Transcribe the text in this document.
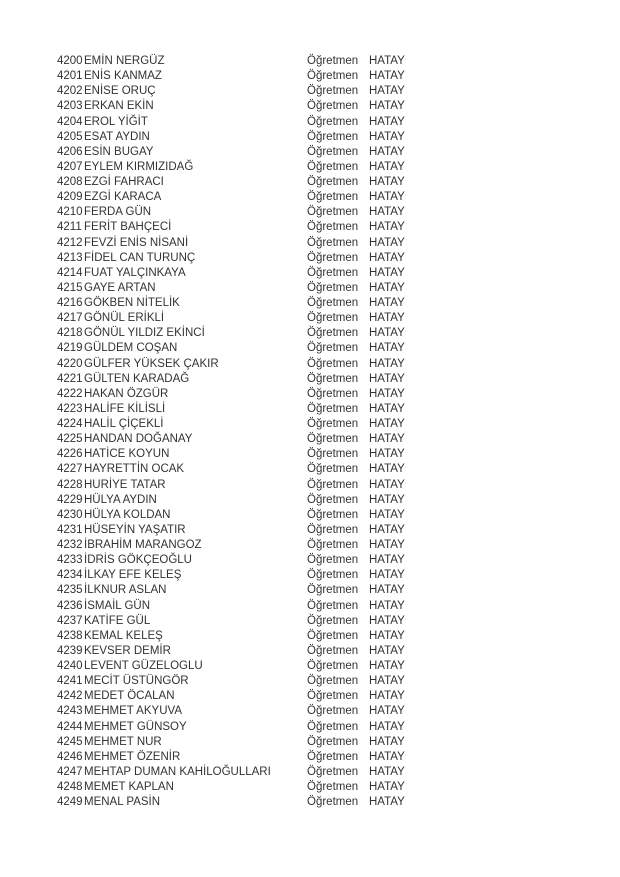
4200 EMİN NERGÜZ	Öğretmen HATAY
4201 ENİS KANMAZ	Öğretmen HATAY
4202 ENİSE ORUÇ	Öğretmen HATAY
4203 ERKAN EKİN	Öğretmen HATAY
4204 EROL YİĞİT	Öğretmen HATAY
4205 ESAT AYDIN	Öğretmen HATAY
4206 ESİN BUGAY	Öğretmen HATAY
4207 EYLEM KIRMIZIDAĞ	Öğretmen HATAY
4208 EZGİ FAHRACI	Öğretmen HATAY
4209 EZGİ KARACA	Öğretmen HATAY
4210 FERDA GÜN	Öğretmen HATAY
4211 FERİT BAHÇECİ	Öğretmen HATAY
4212 FEVZİ ENİS NİSANİ	Öğretmen HATAY
4213 FİDEL CAN TURUNÇ	Öğretmen HATAY
4214 FUAT YALÇINKAYA	Öğretmen HATAY
4215 GAYE ARTAN	Öğretmen HATAY
4216 GÖKBEN NİTELİK	Öğretmen HATAY
4217 GÖNÜL ERİKLİ	Öğretmen HATAY
4218 GÖNÜL YILDIZ EKİNCİ	Öğretmen HATAY
4219 GÜLDEM COŞAN	Öğretmen HATAY
4220 GÜLFER YÜKSEK ÇAKIR	Öğretmen HATAY
4221 GÜLTEN KARADAĞ	Öğretmen HATAY
4222 HAKAN ÖZGÜR	Öğretmen HATAY
4223 HALİFE KİLİSLİ	Öğretmen HATAY
4224 HALİL ÇİÇEKLİ	Öğretmen HATAY
4225 HANDAN DOĞANAY	Öğretmen HATAY
4226 HATİCE KOYUN	Öğretmen HATAY
4227 HAYRETTİN OCAK	Öğretmen HATAY
4228 HURİYE TATAR	Öğretmen HATAY
4229 HÜLYA AYDIN	Öğretmen HATAY
4230 HÜLYA KOLDAN	Öğretmen HATAY
4231 HÜSEYİN YAŞATIR	Öğretmen HATAY
4232 İBRAHİM MARANGOZ	Öğretmen HATAY
4233 İDRİS GÖKÇEOĞLU	Öğretmen HATAY
4234 İLKAY EFE KELEŞ	Öğretmen HATAY
4235 İLKNUR ASLAN	Öğretmen HATAY
4236 İSMAİL GÜN	Öğretmen HATAY
4237 KATİFE GÜL	Öğretmen HATAY
4238 KEMAL KELEŞ	Öğretmen HATAY
4239 KEVSER DEMİR	Öğretmen HATAY
4240 LEVENT GÜZELOGLU	Öğretmen HATAY
4241 MECİT ÜSTÜNGÖR	Öğretmen HATAY
4242 MEDET ÖCALAN	Öğretmen HATAY
4243 MEHMET AKYUVA	Öğretmen HATAY
4244 MEHMET GÜNSOY	Öğretmen HATAY
4245 MEHMET NUR	Öğretmen HATAY
4246 MEHMET ÖZENİR	Öğretmen HATAY
4247 MEHTAP DUMAN KAHİLOĞULLARI	Öğretmen HATAY
4248 MEMET KAPLAN	Öğretmen HATAY
4249 MENAL PASİN	Öğretmen HATAY
